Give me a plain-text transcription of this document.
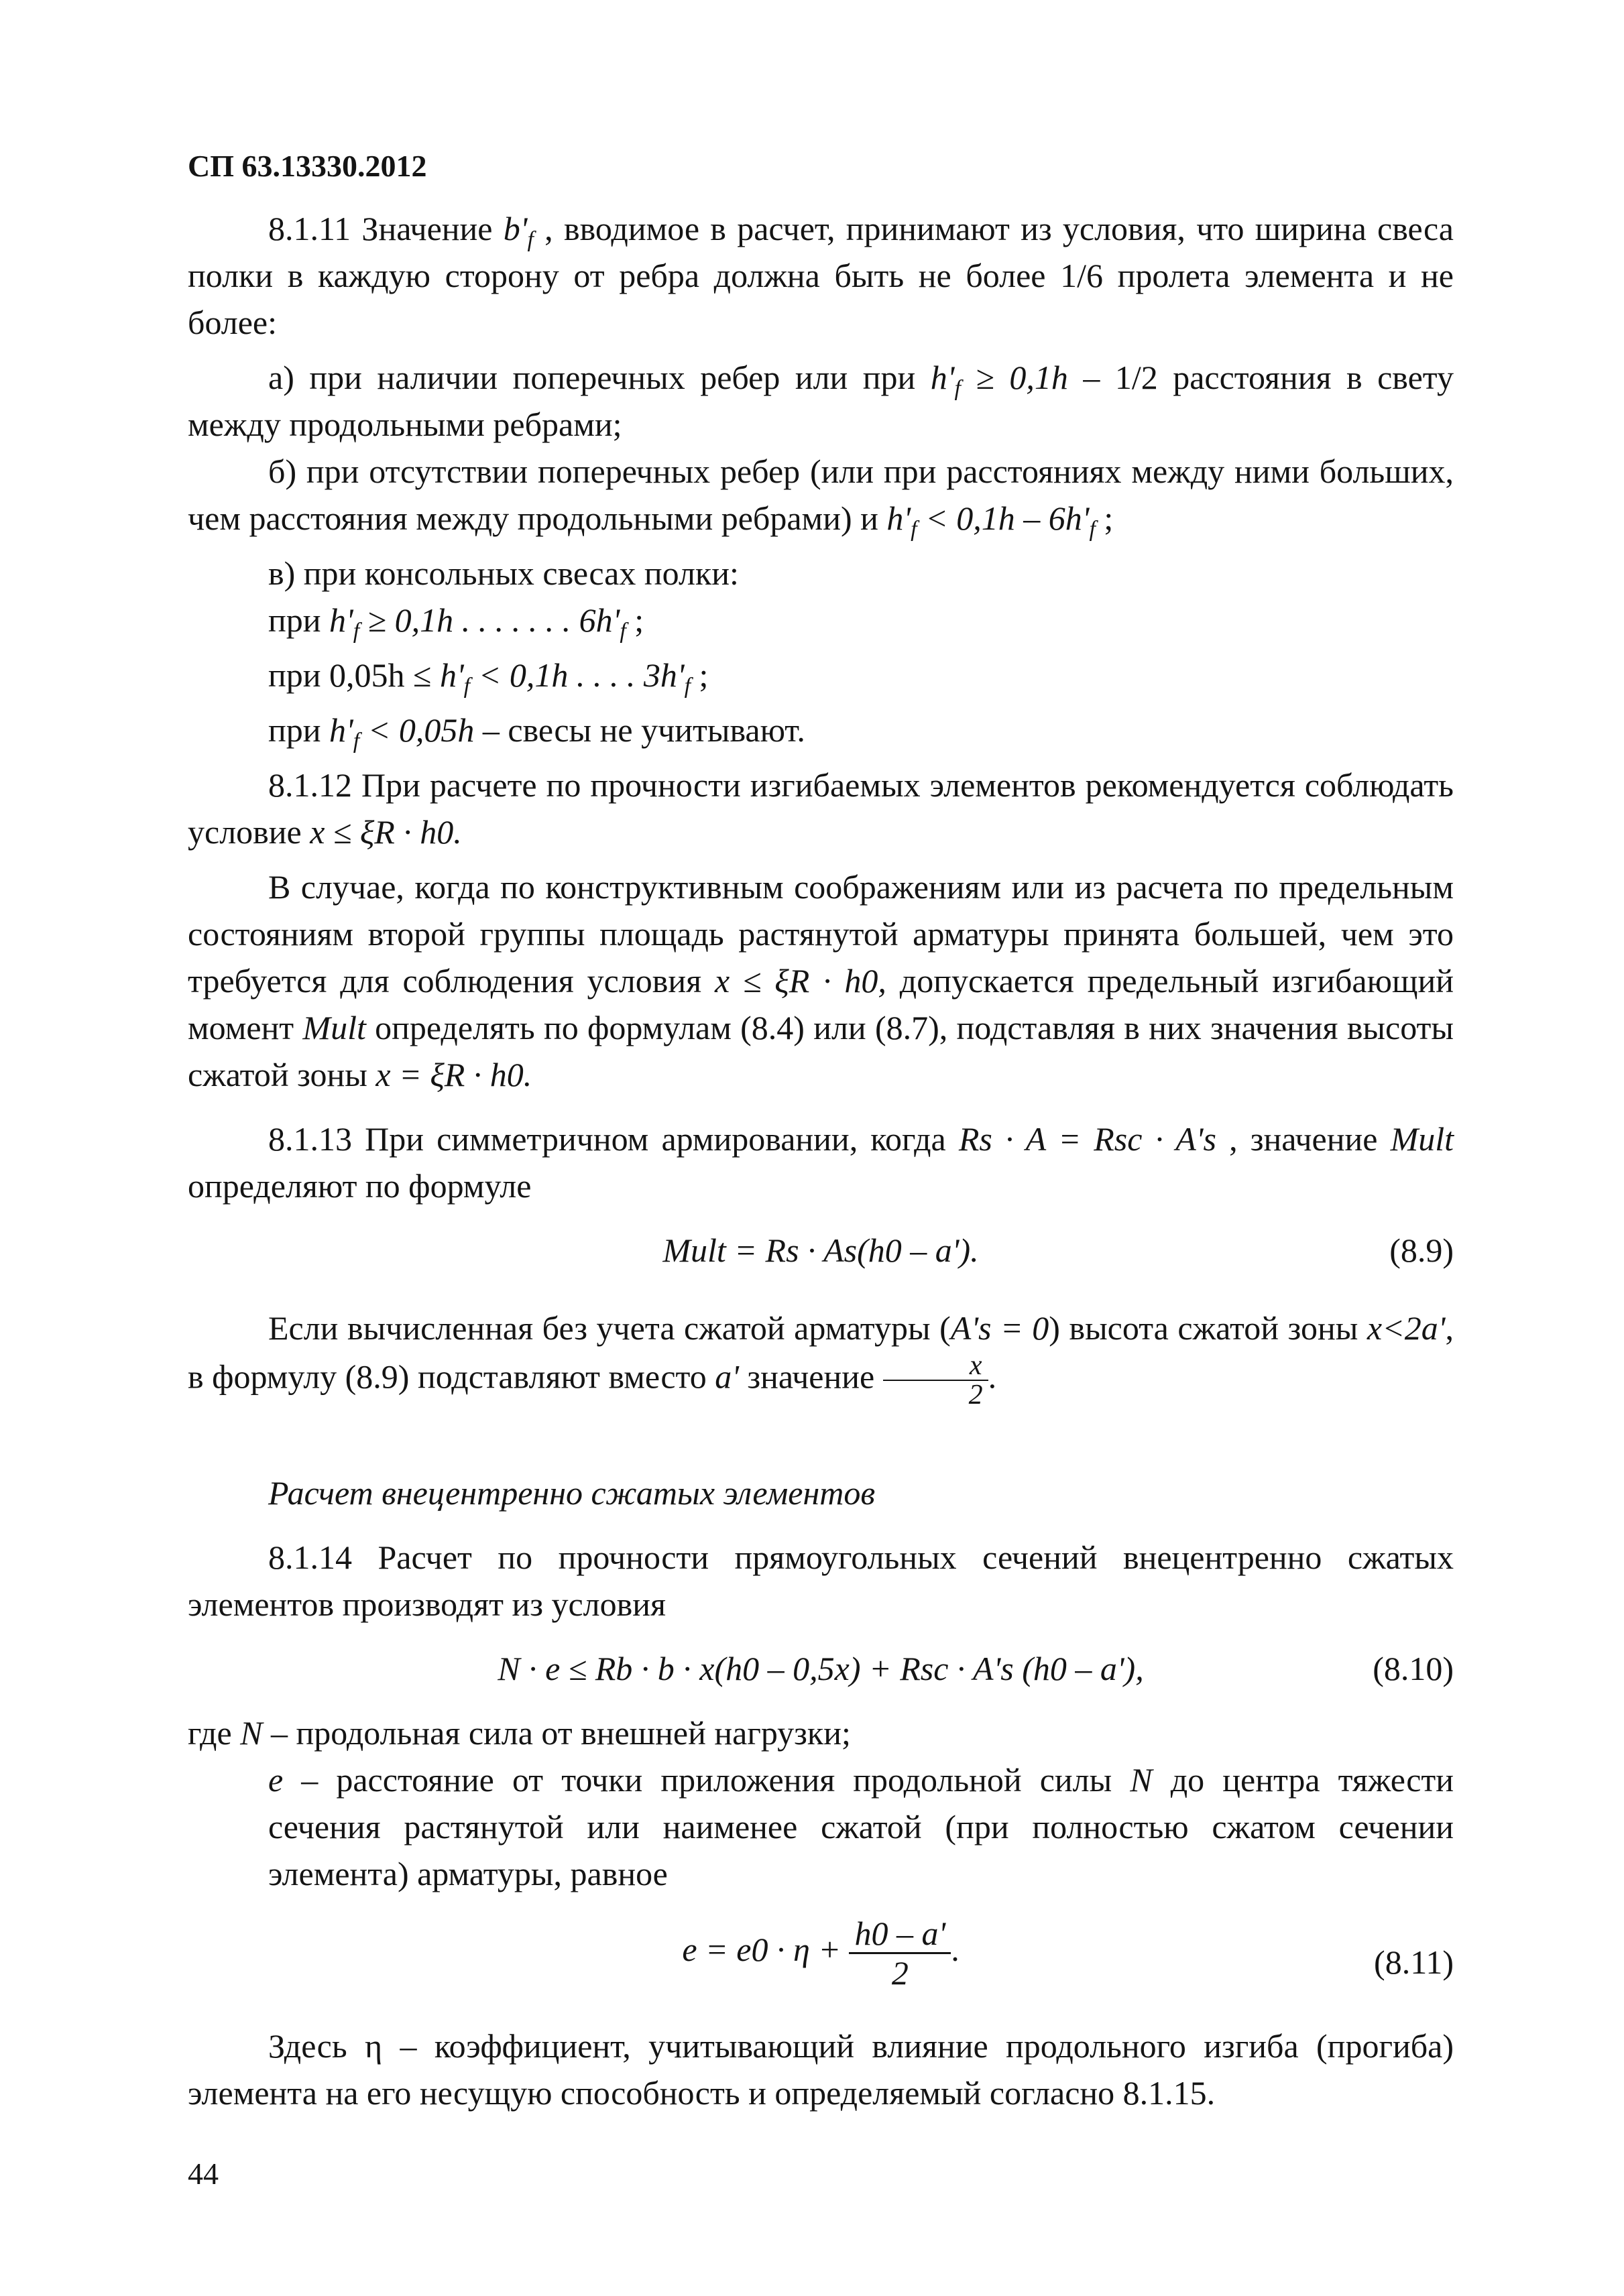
СП 63.13330.2012

8.1.11 Значение $b'_f$ , вводимое в расчет, принимают из условия, что ширина свеса полки в каждую сторону от ребра должна быть не более 1/6 пролета элемента и не более:

а) при наличии поперечных ребер или при $h'_f \ge 0,1h - 1/2$ расстояния в свету между продольными ребрами;

б) при отсутствии поперечных ребер (или при расстояниях между ними больших, чем расстояния между продольными ребрами) и $h'_f < 0,1h - 6h'_f$ ;

в) при консольных свесах полки:

при $h'_f \ge 0,1h$ . . . . . . . $6h'_f$ ;

при $0,05h \le h'_f < 0,1h$ . . . . $3h'_f$ ;

при $h'_f < 0,05h$ – свесы не учитывают.

8.1.12 При расчете по прочности изгибаемых элементов рекомендуется соблюдать условие x ≤ ξR · h0.

В случае, когда по конструктивным соображениям или из расчета по предельным состояниям второй группы площадь растянутой арматуры принята большей, чем это требуется для соблюдения условия x ≤ ξR · h0, допускается предельный изгибающий момент Mult определять по формулам (8.4) или (8.7), подставляя в них значения высоты сжатой зоны x = ξR · h0.

8.1.13 При симметричном армировании, когда Rs · A = Rsc · A's , значение Mult определяют по формуле

Mult = Rs · As(h0 – a').	(8.9)

Если вычисленная без учета сжатой арматуры (A's = 0) высота сжатой зоны x<2a', в формулу (8.9) подставляют вместо a' значение $\frac{x}{2}$ .

Расчет внецентренно сжатых элементов

8.1.14 Расчет по прочности прямоугольных сечений внецентренно сжатых элементов производят из условия

N · e ≤ Rb · b · x(h0 – 0,5x) + Rsc · A's (h0 – a'),	(8.10)

где N – продольная сила от внешней нагрузки;

e – расстояние от точки приложения продольной силы N до центра тяжести сечения растянутой или наименее сжатой (при полностью сжатом сечении элемента) арматуры, равное

$e = e0 \cdot \eta + \frac{h0 - a'}{2}$ .	(8.11)

Здесь η – коэффициент, учитывающий влияние продольного изгиба (прогиба) элемента на его несущую способность и определяемый согласно 8.1.15.

44
